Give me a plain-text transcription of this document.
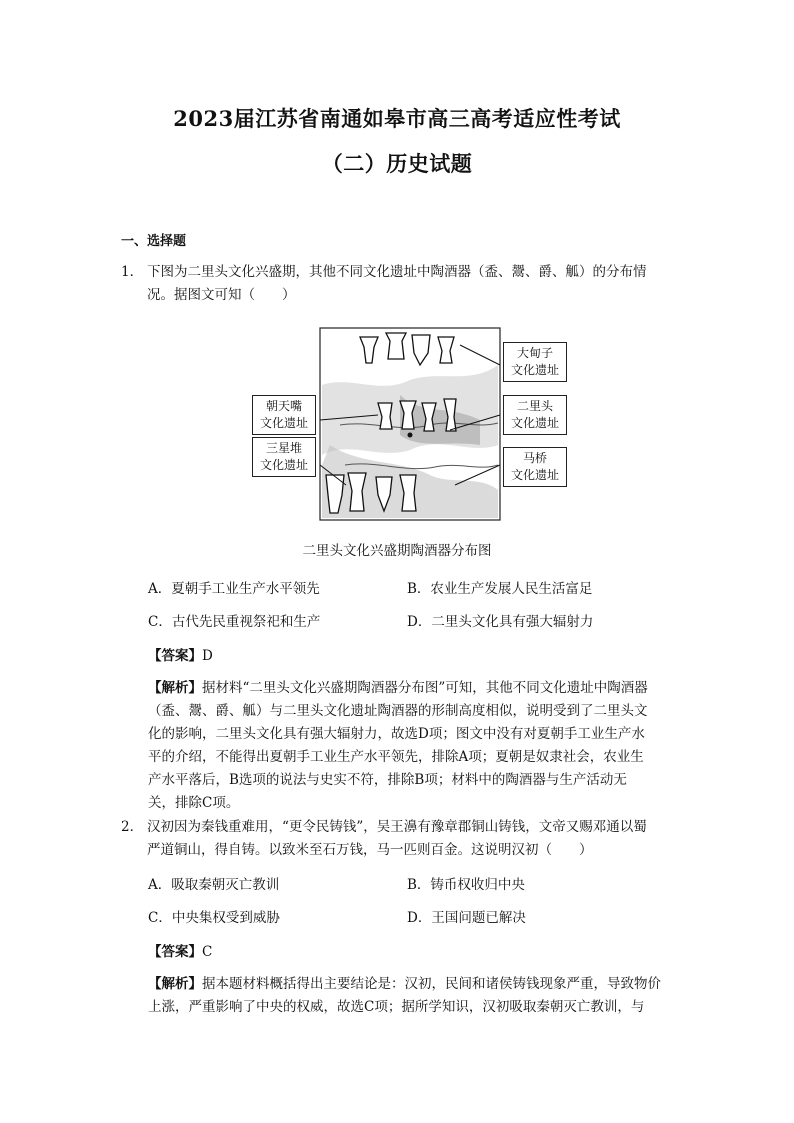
2023届江苏省南通如皋市高三高考适应性考试
（二）历史试题
一、选择题
1． 下图为二里头文化兴盛期，其他不同文化遗址中陶酒器（盉、鬶、爵、觚）的分布情
况。据图文可知（　　）
大甸子
文化遗址
朝天嘴
文化遗址
二里头
文化遗址
三星堆
文化遗址	马桥
文化遗址
二里头文化兴盛期陶酒器分布图
A．夏朝手工业生产水平领先	B．农业生产发展人民生活富足
C．古代先民重视祭祀和生产	D．二里头文化具有强大辐射力
【答案】D
【解析】据材料“二里头文化兴盛期陶酒器分布图”可知，其他不同文化遗址中陶酒器
（盉、鬶、爵、觚）与二里头文化遗址陶酒器的形制高度相似，说明受到了二里头文
化的影响，二里头文化具有强大辐射力，故选D项；图文中没有对夏朝手工业生产水
平的介绍，不能得出夏朝手工业生产水平领先，排除A项；夏朝是奴隶社会，农业生
产水平落后，B选项的说法与史实不符，排除B项；材料中的陶酒器与生产活动无
关，排除C项。
2． 汉初因为秦钱重难用，“更令民铸钱”，吴王濞有豫章郡铜山铸钱，文帝又赐邓通以蜀
严道铜山，得自铸。以致米至石万钱，马一匹则百金。这说明汉初（　　）
A．吸取秦朝灭亡教训	B．铸币权收归中央
C．中央集权受到威胁	D．王国问题已解决
【答案】C
【解析】据本题材料概括得出主要结论是：汉初，民间和诸侯铸钱现象严重，导致物价
上涨，严重影响了中央的权威，故选C项；据所学知识，汉初吸取秦朝灭亡教训，与
